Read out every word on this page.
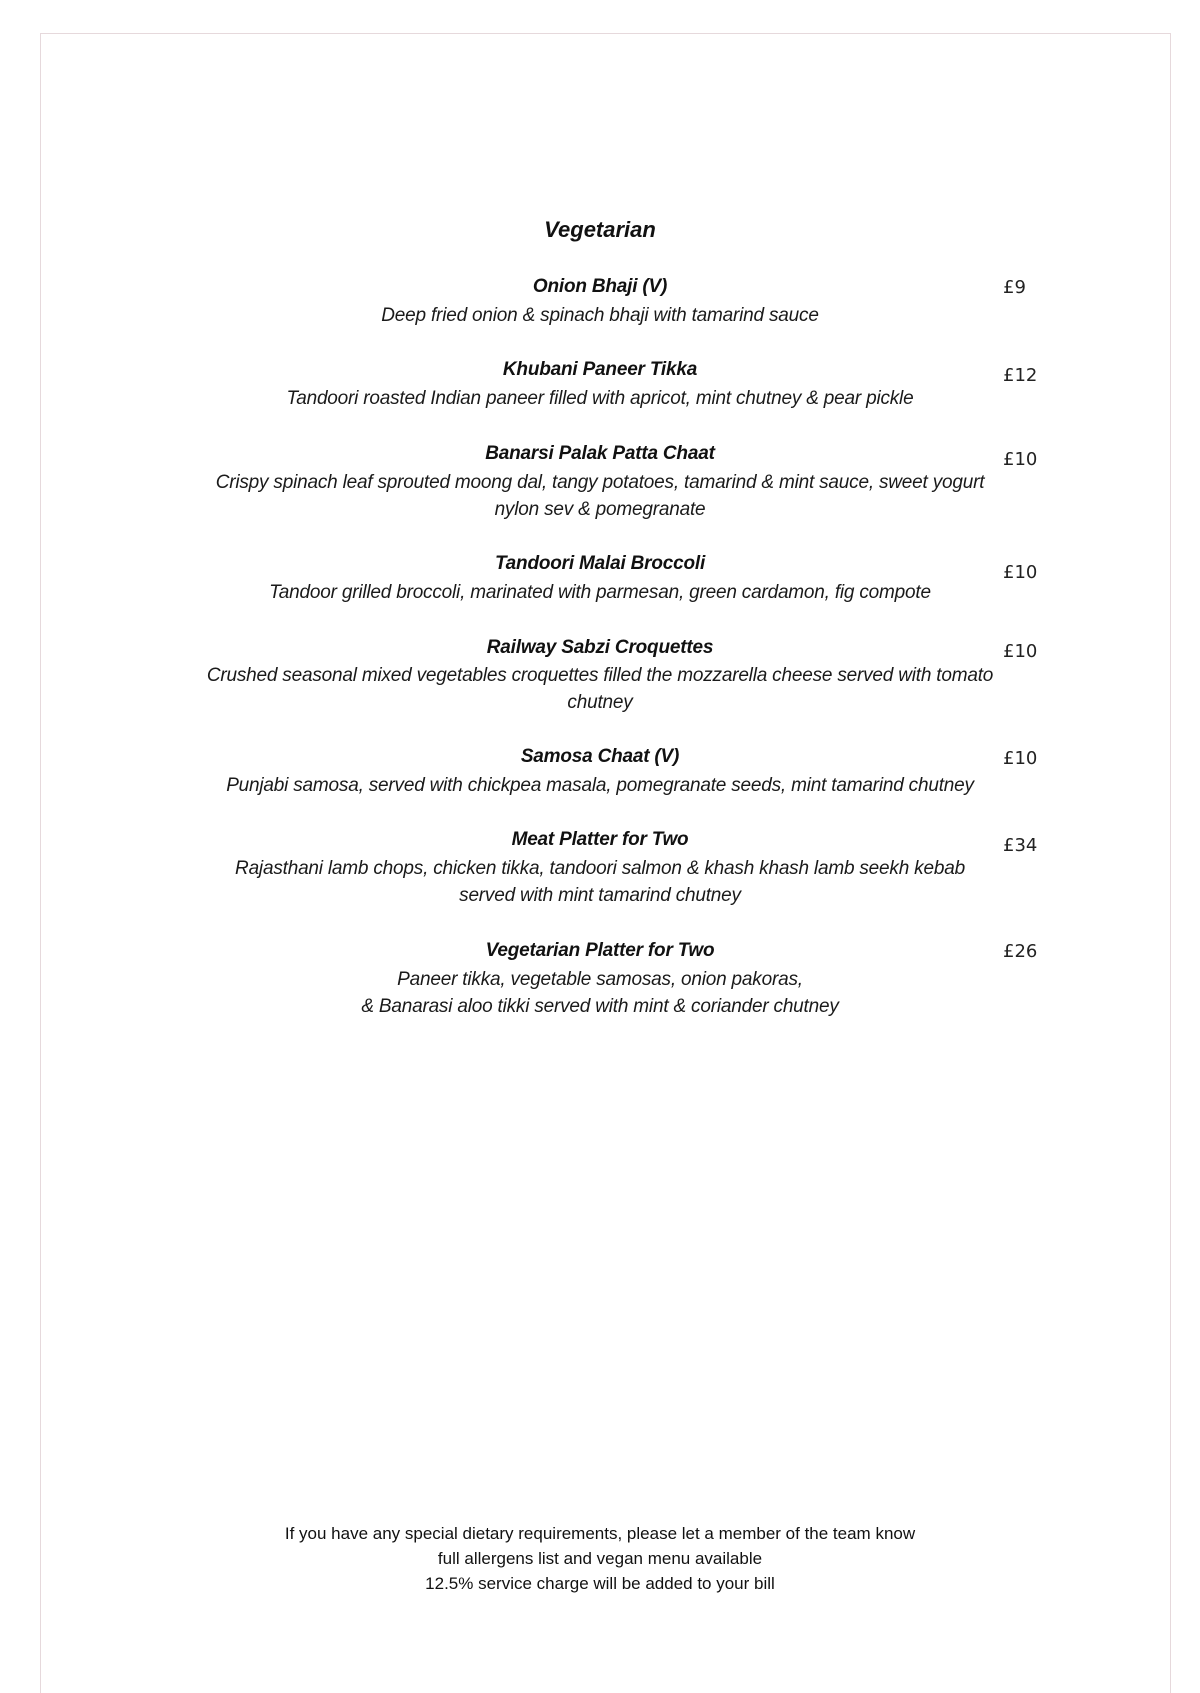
Vegetarian
Onion Bhaji (V)	£9
Deep fried onion & spinach bhaji with tamarind sauce
Khubani Paneer Tikka	£12
Tandoori roasted Indian paneer filled with apricot, mint chutney & pear pickle
Banarsi Palak Patta Chaat	£10
Crispy spinach leaf sprouted moong dal, tangy potatoes, tamarind & mint sauce, sweet yogurt
nylon sev & pomegranate
Tandoori Malai Broccoli	£10
Tandoor grilled broccoli, marinated with parmesan, green cardamon, fig compote
Railway Sabzi Croquettes	£10
Crushed seasonal mixed vegetables croquettes filled the mozzarella cheese served with tomato
chutney
Samosa Chaat (V)	£10
Punjabi samosa, served with chickpea masala, pomegranate seeds, mint tamarind chutney
Meat Platter for Two	£34
Rajasthani lamb chops, chicken tikka, tandoori salmon & khash khash lamb seekh kebab
served with mint tamarind chutney
Vegetarian Platter for Two	£26
Paneer tikka, vegetable samosas, onion pakoras,
& Banarasi aloo tikki served with mint & coriander chutney
If you have any special dietary requirements, please let a member of the team know
full allergens list and vegan menu available
12.5% service charge will be added to your bill
